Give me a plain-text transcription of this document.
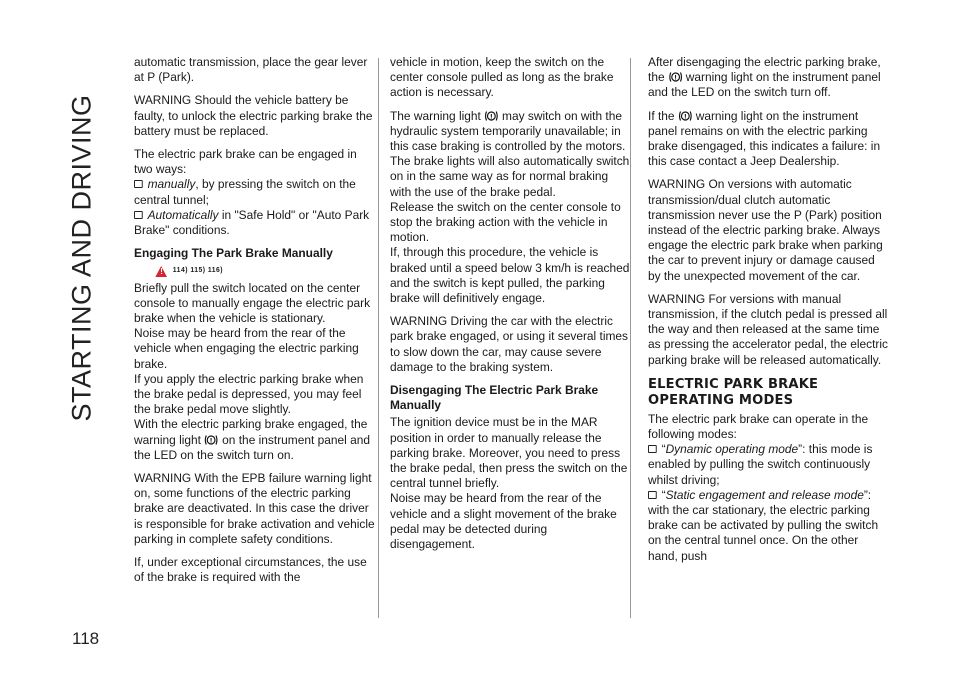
STARTING AND DRIVING
118

automatic transmission, place the gear lever at P (Park).

WARNING Should the vehicle battery be faulty, to unlock the electric parking brake the battery must be replaced.

The electric park brake can be engaged in two ways:

manually, by pressing the switch on the central tunnel;
Automatically in "Safe Hold" or "Auto Park Brake" conditions.

Engaging The Park Brake Manually

! 114) 115) 116)

Briefly pull the switch located on the center console to manually engage the electric park brake when the vehicle is stationary.

Noise may be heard from the rear of the vehicle when engaging the electric parking brake.

If you apply the electric parking brake when the brake pedal is depressed, you may feel the brake pedal move slightly.

With the electric parking brake engaged, the warning light ! on the instrument panel and the LED on the switch turn on.

WARNING With the EPB failure warning light on, some functions of the electric parking brake are deactivated. In this case the driver is responsible for brake activation and vehicle parking in complete safety conditions.

If, under exceptional circumstances, the use of the brake is required with the

vehicle in motion, keep the switch on the center console pulled as long as the brake action is necessary.

The warning light ! may switch on with the hydraulic system temporarily unavailable; in this case braking is controlled by the motors.

The brake lights will also automatically switch on in the same way as for normal braking with the use of the brake pedal.

Release the switch on the center console to stop the braking action with the vehicle in motion.

If, through this procedure, the vehicle is braked until a speed below 3 km/h is reached and the switch is kept pulled, the parking brake will definitively engage.

WARNING Driving the car with the electric park brake engaged, or using it several times to slow down the car, may cause severe damage to the braking system.

Disengaging The Electric Park Brake Manually

The ignition device must be in the MAR position in order to manually release the parking brake. Moreover, you need to press the brake pedal, then press the switch on the central tunnel briefly.

Noise may be heard from the rear of the vehicle and a slight movement of the brake pedal may be detected during disengagement.

After disengaging the electric parking brake, the ! warning light on the instrument panel and the LED on the switch turn off.

If the ! warning light on the instrument panel remains on with the electric parking brake disengaged, this indicates a failure: in this case contact a Jeep Dealership.

WARNING On versions with automatic transmission/dual clutch automatic transmission never use the P (Park) position instead of the electric parking brake. Always engage the electric park brake when parking the car to prevent injury or damage caused by the unexpected movement of the car.

WARNING For versions with manual transmission, if the clutch pedal is pressed all the way and then released at the same time as pressing the accelerator pedal, the electric parking brake will be released automatically.

ELECTRIC PARK BRAKE OPERATING MODES

The electric park brake can operate in the following modes:

“Dynamic operating mode”: this mode is enabled by pulling the switch continuously whilst driving;
“Static engagement and release mode”: with the car stationary, the electric parking brake can be activated by pulling the switch on the central tunnel once. On the other hand, push
